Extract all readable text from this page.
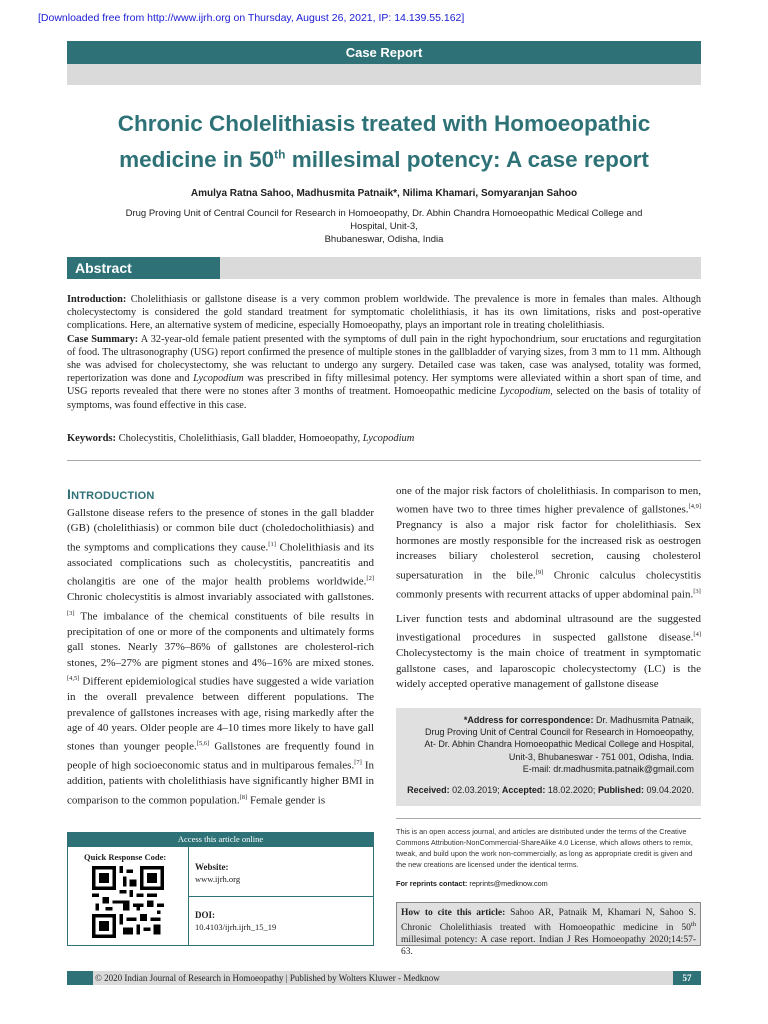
[Downloaded free from http://www.ijrh.org on Thursday, August 26, 2021, IP: 14.139.55.162]
Case Report
Chronic Cholelithiasis treated with Homoeopathic
medicine in 50th millesimal potency: A case report
Amulya Ratna Sahoo, Madhusmita Patnaik*, Nilima Khamari, Somyaranjan Sahoo
Drug Proving Unit of Central Council for Research in Homoeopathy, Dr. Abhin Chandra Homoeopathic Medical College and Hospital, Unit-3,
Bhubaneswar, Odisha, India
Abstract

Introduction: Cholelithiasis or gallstone disease is a very common problem worldwide. The prevalence is more in females than males. Although cholecystectomy is considered the gold standard treatment for symptomatic cholelithiasis, it has its own limitations, risks and post-operative complications. Here, an alternative system of medicine, especially Homoeopathy, plays an important role in treating cholelithiasis.

Case Summary: A 32-year-old female patient presented with the symptoms of dull pain in the right hypochondrium, sour eructations and regurgitation of food. The ultrasonography (USG) report confirmed the presence of multiple stones in the gallbladder of varying sizes, from 3 mm to 11 mm. Although she was advised for cholecystectomy, she was reluctant to undergo any surgery. Detailed case was taken, case was analysed, totality was formed, repertorization was done and Lycopodium was prescribed in fifty millesimal potency. Her symptoms were alleviated within a short span of time, and USG reports revealed that there were no stones after 3 months of treatment. Homoeopathic medicine Lycopodium, selected on the basis of totality of symptoms, was found effective in this case.

Keywords: Cholecystitis, Cholelithiasis, Gall bladder, Homoeopathy, Lycopodium
INTRODUCTION

Gallstone disease refers to the presence of stones in the gall bladder (GB) (cholelithiasis) or common bile duct (choledocholithiasis) and the symptoms and complications they cause.[1] Cholelithiasis and its associated complications such as cholecystitis, pancreatitis and cholangitis are one of the major health problems worldwide.[2] Chronic cholecystitis is almost invariably associated with gallstones.[3] The imbalance of the chemical constituents of bile results in precipitation of one or more of the components and ultimately forms gall stones. Nearly 37%–86% of gallstones are cholesterol-rich stones, 2%–27% are pigment stones and 4%–16% are mixed stones.[4,5] Different epidemiological studies have suggested a wide variation in the overall prevalence between different populations. The prevalence of gallstones increases with age, rising markedly after the age of 40 years. Older people are 4–10 times more likely to have gall stones than younger people.[5,6] Gallstones are frequently found in people of high socioeconomic status and in multiparous females.[7] In addition, patients with cholelithiasis have significantly higher BMI in comparison to the common population.[8] Female gender is

one of the major risk factors of cholelithiasis. In comparison to men, women have two to three times higher prevalence of gallstones.[4,9] Pregnancy is also a major risk factor for cholelithiasis. Sex hormones are mostly responsible for the increased risk as oestrogen increases biliary cholesterol secretion, causing cholesterol supersaturation in the bile.[9] Chronic calculus cholecystitis commonly presents with recurrent attacks of upper abdominal pain.[3]

Liver function tests and abdominal ultrasound are the suggested investigational procedures in suspected gallstone disease.[4] Cholecystectomy is the main choice of treatment in symptomatic gallstone cases, and laparoscopic cholecystectomy (LC) is the widely accepted operative management of gallstone disease

*Address for correspondence: Dr. Madhusmita Patnaik,
Drug Proving Unit of Central Council for Research in Homoeopathy,
At- Dr. Abhin Chandra Homoeopathic Medical College and Hospital,
Unit-3, Bhubaneswar - 751 001, Odisha, India.
E-mail: dr.madhusmita.patnaik@gmail.com
Received: 02.03.2019; Accepted: 18.02.2020; Published: 09.04.2020.
This is an open access journal, and articles are distributed under the terms of the Creative Commons Attribution-NonCommercial-ShareAlike 4.0 License, which allows others to remix, tweak, and build upon the work non-commercially, as long as appropriate credit is given and the new creations are licensed under the identical terms.
For reprints contact: reprints@medknow.com
How to cite this article: Sahoo AR, Patnaik M, Khamari N, Sahoo S. Chronic Cholelithiasis treated with Homoeopathic medicine in 50th millesimal potency: A case report. Indian J Res Homoeopathy 2020;14:57-63.
Access this article online
Quick Response Code:
Website:
www.ijrh.org
DOI:
10.4103/ijrh.ijrh_15_19
© 2020 Indian Journal of Research in Homoeopathy | Published by Wolters Kluwer - Medknow	57
